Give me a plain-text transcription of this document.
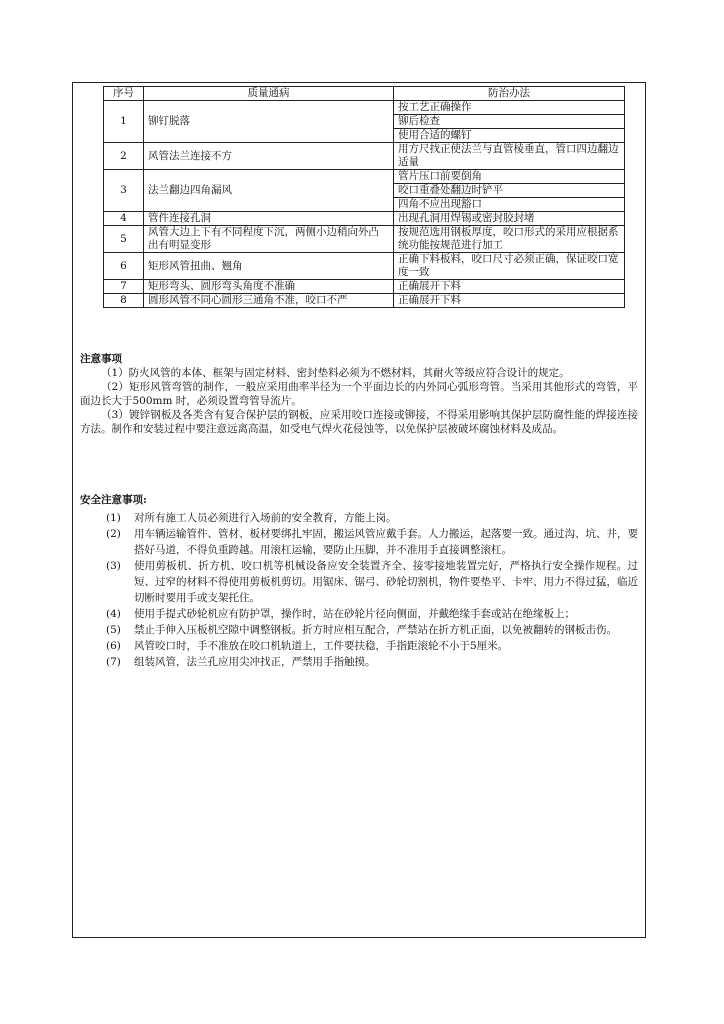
序号	质量通病	防治办法
1	铆钉脱落	按工艺正确操作
		铆后检查
		使用合适的螺钉
2	风管法兰连接不方	用方尺找正使法兰与直管棱垂直，管口四边翻边适量
3	法兰翻边四角漏风	管片压口前要倒角
		咬口重叠处翻边时铲平
		四角不应出现豁口
4	管件连接孔洞	出现孔洞用焊锡或密封胶封堵
5	风管大边上下有不同程度下沉，两侧小边稍向外凸出有明显变形	按规范选用钢板厚度，咬口形式的采用应根据系统功能按规范进行加工
6	矩形风管扭曲、翘角	正确下料板料，咬口尺寸必须正确，保证咬口宽度一致
7	矩形弯头、圆形弯头角度不准确	正确展开下料
8	圆形风管不同心圆形三通角不准，咬口不严	正确展开下料

注意事项

（1）防火风管的本体、框架与固定材料、密封垫料必须为不燃材料，其耐火等级应符合设计的规定。

（2）矩形风管弯管的制作，一般应采用曲率半径为一个平面边长的内外同心弧形弯管。当采用其他形式的弯管，平面边长大于500mm 时，必须设置弯管导流片。

（3）镀锌钢板及各类含有复合保护层的钢板，应采用咬口连接或铆接，不得采用影响其保护层防腐性能的焊接连接方法。制作和安装过程中要注意远离高温，如受电气焊火花侵蚀等，以免保护层被破坏腐蚀材料及成品。

安全注意事项:

(1)	对所有施工人员必须进行入场前的安全教育，方能上岗。
(2)	用车辆运输管件、管材、板材要绑扎牢固，搬运风管应戴手套。人力搬运，起落要一致。通过沟、坑、井，要搭好马道，不得负重跨越。用滚杠运输，要防止压脚，并不准用手直接调整滚杠。
(3)	使用剪板机、折方机、咬口机等机械设备应安全装置齐全、接零接地装置完好，严格执行安全操作规程。过短、过窄的材料不得使用剪板机剪切。用锯床、锯弓、砂轮切割机，物件要垫平、卡牢、用力不得过猛，临近切断时要用手或支架托住。
(4)	使用手提式砂轮机应有防护罩，操作时，站在砂轮片径向侧面，并戴绝缘手套或站在绝缘板上；
(5)	禁止手伸入压板机空隙中调整钢板。折方时应相互配合，严禁站在折方机正面，以免被翻转的钢板击伤。
(6)	风管咬口时，手不准放在咬口机轨道上，工件要扶稳，手指距滚轮不小于5厘米。
(7)	组装风管，法兰孔应用尖冲找正，严禁用手指触摸。
